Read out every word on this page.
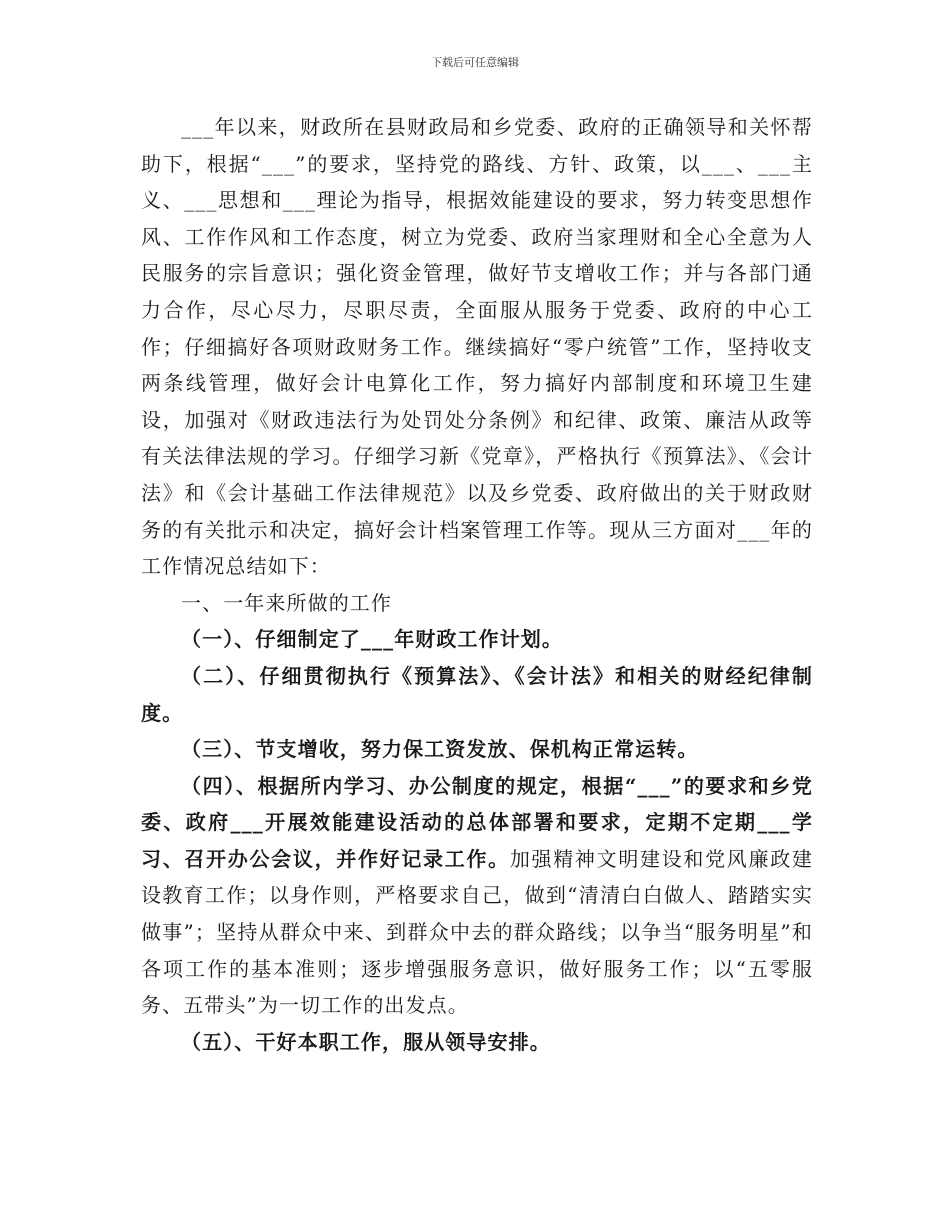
下载后可任意编辑

___年以来，财政所在县财政局和乡党委、政府的正确领导和关怀帮助下，根据“___”的要求，坚持党的路线、方针、政策，以___、___主义、___思想和___理论为指导，根据效能建设的要求，努力转变思想作风、工作作风和工作态度，树立为党委、政府当家理财和全心全意为人民服务的宗旨意识；强化资金管理，做好节支增收工作；并与各部门通力合作，尽心尽力，尽职尽责，全面服从服务于党委、政府的中心工作；仔细搞好各项财政财务工作。继续搞好“零户统管”工作，坚持收支两条线管理，做好会计电算化工作，努力搞好内部制度和环境卫生建设，加强对《财政违法行为处罚处分条例》和纪律、政策、廉洁从政等有关法律法规的学习。仔细学习新《党章》，严格执行《预算法》、《会计法》和《会计基础工作法律规范》以及乡党委、政府做出的关于财政财务的有关批示和决定，搞好会计档案管理工作等。现从三方面对___年的工作情况总结如下：

一、一年来所做的工作

（一）、仔细制定了___年财政工作计划。

（二）、仔细贯彻执行《预算法》、《会计法》和相关的财经纪律制度。

（三）、节支增收，努力保工资发放、保机构正常运转。

（四）、根据所内学习、办公制度的规定，根据“___”的要求和乡党委、政府___开展效能建设活动的总体部署和要求，定期不定期___学习、召开办公会议，并作好记录工作。加强精神文明建设和党风廉政建设教育工作；以身作则，严格要求自己，做到“清清白白做人、踏踏实实做事”；坚持从群众中来、到群众中去的群众路线；以争当“服务明星”和各项工作的基本准则；逐步增强服务意识，做好服务工作；以“五零服务、五带头”为一切工作的出发点。

（五）、干好本职工作，服从领导安排。
